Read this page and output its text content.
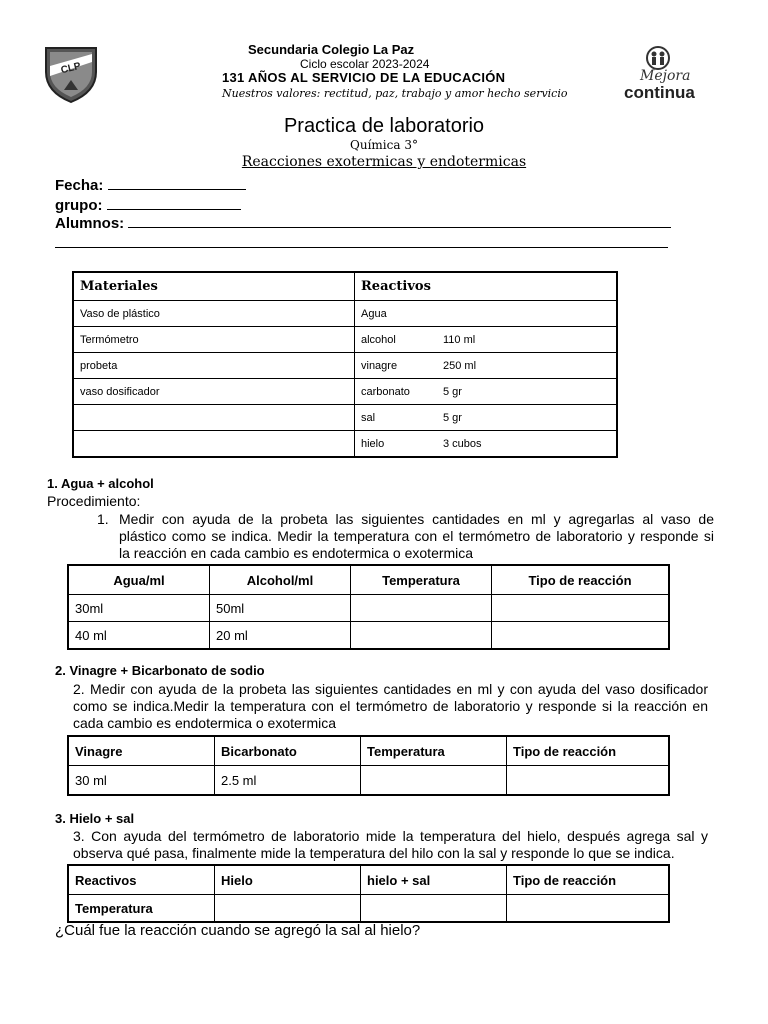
CLP	Mejora
continua
Secundaria Colegio La Paz
Ciclo escolar 2023-2024
131 AÑOS AL SERVICIO DE LA EDUCACIÓN
Nuestros valores: rectitud, paz, trabajo y amor hecho servicio
Practica de laboratorio
Química 3°
Reacciones exotermicas y endotermicas
Fecha:
grupo:
Alumnos:
Materiales	Reactivos	
Vaso de plástico	Agua	
Termómetro	alcohol	110 ml
probeta	vinagre	250 ml
vaso dosificador	carbonato	5 gr
	sal	5 gr
	hielo	3 cubos
1. Agua + alcohol
Procedimiento:
1. Medir con ayuda de la probeta las siguientes cantidades en ml y agregarlas al vaso de
plástico como se indica. Medir la temperatura con el termómetro de laboratorio y responde si
la reacción en cada cambio es endotermica o exotermica
Agua/ml	Alcohol/ml	Temperatura	Tipo de reacción
30ml	50ml		
40 ml	20 ml		
2. Vinagre + Bicarbonato de sodio
2. Medir con ayuda de la probeta las siguientes cantidades en ml y con ayuda del vaso dosificador
como se indica.Medir la temperatura con el termómetro de laboratorio y responde si la reacción en
cada cambio es endotermica o exotermica
Vinagre	Bicarbonato	Temperatura	Tipo de reacción
30 ml	2.5 ml		
3. Hielo + sal
3. Con ayuda del termómetro de laboratorio mide la temperatura del hielo, después agrega sal y
observa qué pasa, finalmente mide la temperatura del hilo con la sal y responde lo que se indica.
Reactivos	Hielo	hielo + sal	Tipo de reacción
Temperatura			
¿Cuál fue la reacción cuando se agregó la sal al hielo?
